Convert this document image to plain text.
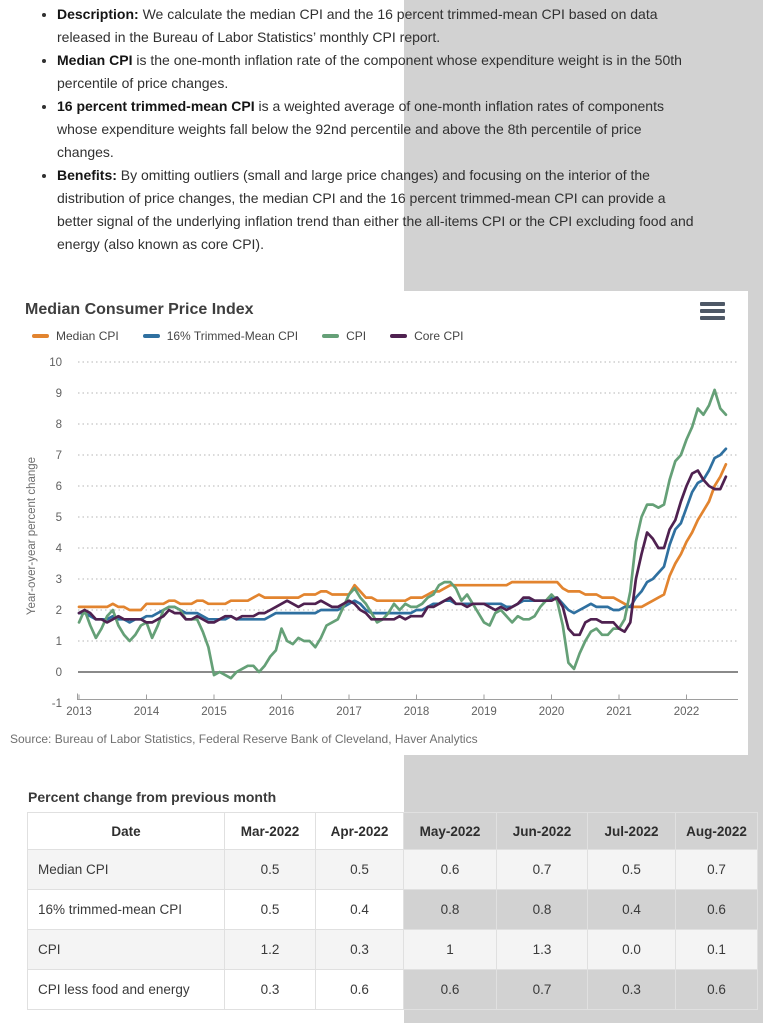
• Description: We calculate the median CPI and the 16 percent trimmed-mean CPI based on data released in the Bureau of Labor Statistics’ monthly CPI report.
• Median CPI is the one-month inflation rate of the component whose expenditure weight is in the 50th percentile of price changes.
• 16 percent trimmed-mean CPI is a weighted average of one-month inflation rates of components whose expenditure weights fall below the 92nd percentile and above the 8th percentile of price changes.
• Benefits: By omitting outliers (small and large price changes) and focusing on the interior of the distribution of price changes, the median CPI and the 16 percent trimmed-mean CPI can provide a better signal of the underlying inflation trend than either the all-items CPI or the CPI excluding food and energy (also known as core CPI).
Median Consumer Price Index
Median CPI	16% Trimmed-Mean CPI	CPI	Core CPI
2013	2014	2015	2016	2017	2018	2019	2020	2021	2022
10
9
8
7
6
5
4
3
2
1
0
-1
Year-over-year percent change
Source: Bureau of Labor Statistics, Federal Reserve Bank of Cleveland, Haver Analytics
Percent change from previous month
Date	Mar-2022	Apr-2022	May-2022	Jun-2022	Jul-2022	Aug-2022
Median CPI	0.5	0.5	0.6	0.7	0.5	0.7
16% trimmed-mean CPI	0.5	0.4	0.8	0.8	0.4	0.6
CPI	1.2	0.3	1	1.3	0.0	0.1
CPI less food and energy	0.3	0.6	0.6	0.7	0.3	0.6
